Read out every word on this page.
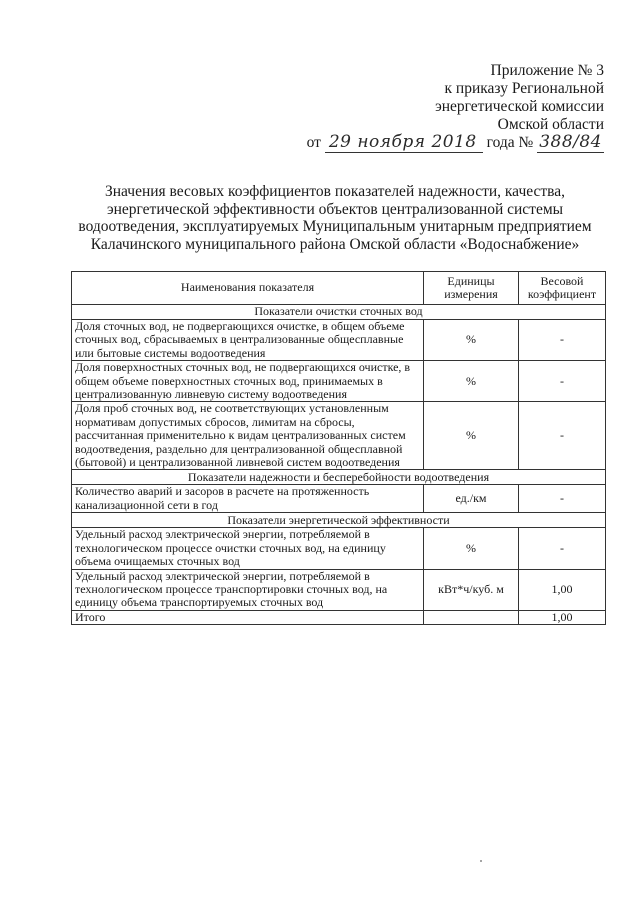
Приложение № 3
к приказу Региональной
энергетической комиссии
Омской области
от 29 ноября 2018 года № 388/84
Значения весовых коэффициентов показателей надежности, качества,
энергетической эффективности объектов централизованной системы
водоотведения, эксплуатируемых Муниципальным унитарным предприятием
Калачинского муниципального района Омской области «Водоснабжение»
Наименования показателя	Единицы измерения	Весовой коэффициент
Показатели очистки сточных вод		
Доля сточных вод, не подвергающихся очистке, в общем объеме сточных вод, сбрасываемых в централизованные общесплавные или бытовые системы водоотведения	%	-
Доля поверхностных сточных вод, не подвергающихся очистке, в общем объеме поверхностных сточных вод, принимаемых в централизованную ливневую систему водоотведения	%	-
Доля проб сточных вод, не соответствующих установленным нормативам допустимых сбросов, лимитам на сбросы, рассчитанная применительно к видам централизованных систем водоотведения, раздельно для централизованной общесплавной (бытовой) и централизованной ливневой систем водоотведения	%	-
Показатели надежности и бесперебойности водоотведения		
Количество аварий и засоров в расчете на протяженность канализационной сети в год	ед./км	-
Показатели энергетической эффективности		
Удельный расход электрической энергии, потребляемой в технологическом процессе очистки сточных вод, на единицу объема очищаемых сточных вод	%	-
Удельный расход электрической энергии, потребляемой в технологическом процессе транспортировки сточных вод, на единицу объема транспортируемых сточных вод	кВт*ч/куб. м	1,00
Итого		1,00
